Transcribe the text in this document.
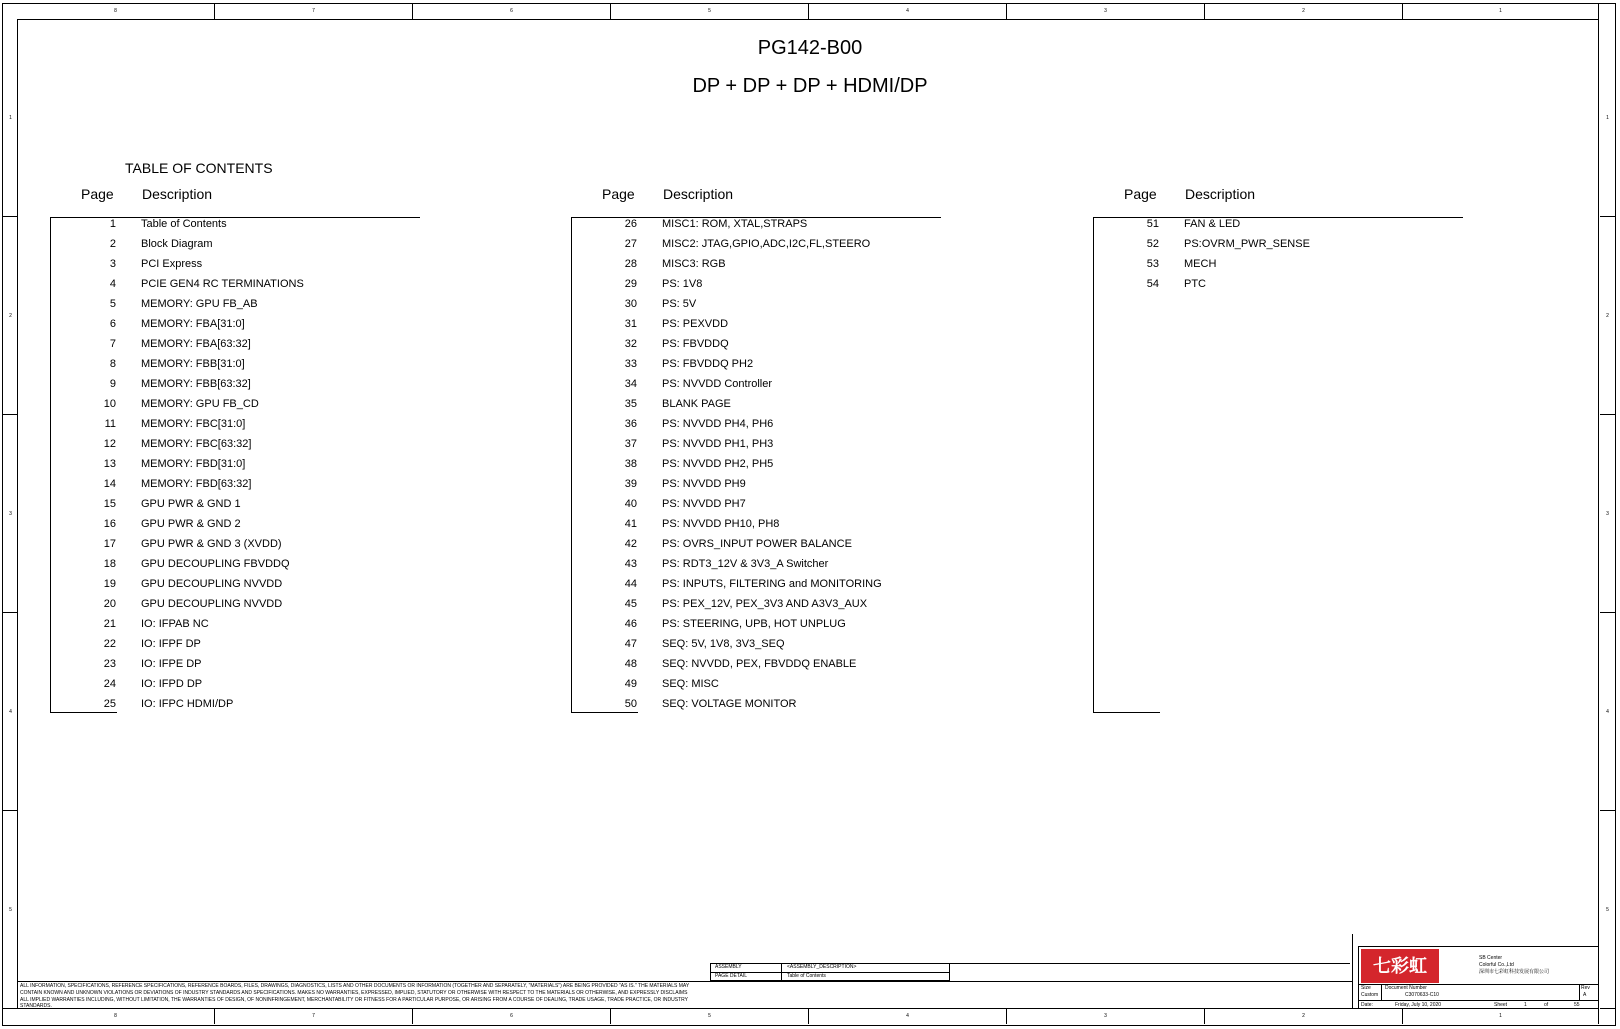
8	7	6	5	4	3	2	1
8	7	6	5	4	3	2	1
1
2
3
4
5
1
2
3
4
5
PG142-B00
DP + DP + DP + HDMI/DP
TABLE OF CONTENTS
Page Description
1 Table of Contents
2 Block Diagram
3 PCI Express
4 PCIE GEN4 RC TERMINATIONS
5 MEMORY: GPU FB_AB
6 MEMORY: FBA[31:0]
7 MEMORY: FBA[63:32]
8 MEMORY: FBB[31:0]
9 MEMORY: FBB[63:32]
10 MEMORY: GPU FB_CD
11 MEMORY: FBC[31:0]
12 MEMORY: FBC[63:32]
13 MEMORY: FBD[31:0]
14 MEMORY: FBD[63:32]
15 GPU PWR & GND 1
16 GPU PWR & GND 2
17 GPU PWR & GND 3 (XVDD)
18 GPU DECOUPLING FBVDDQ
19 GPU DECOUPLING NVVDD
20 GPU DECOUPLING NVVDD
21 IO: IFPAB NC
22 IO: IFPF DP
23 IO: IFPE DP
24 IO: IFPD DP
25 IO: IFPC HDMI/DP
Page Description
26 MISC1: ROM, XTAL,STRAPS
27 MISC2: JTAG,GPIO,ADC,I2C,FL,STEERO
28 MISC3: RGB
29 PS: 1V8
30 PS: 5V
31 PS: PEXVDD
32 PS: FBVDDQ
33 PS: FBVDDQ PH2
34 PS: NVVDD Controller
35 BLANK PAGE
36 PS: NVVDD PH4, PH6
37 PS: NVVDD PH1, PH3
38 PS: NVVDD PH2, PH5
39 PS: NVVDD PH9
40 PS: NVVDD PH7
41 PS: NVVDD PH10, PH8
42 PS: OVRS_INPUT POWER BALANCE
43 PS: RDT3_12V & 3V3_A Switcher
44 PS: INPUTS, FILTERING and MONITORING
45 PS: PEX_12V, PEX_3V3 AND A3V3_AUX
46 PS: STEERING, UPB, HOT UNPLUG
47 SEQ: 5V, 1V8, 3V3_SEQ
48 SEQ: NVVDD, PEX, FBVDDQ ENABLE
49 SEQ: MISC
50 SEQ: VOLTAGE MONITOR
Page Description
51 FAN & LED
52 PS:OVRM_PWR_SENSE
53 MECH
54 PTC
ASSEMBLY	<ASSEMBLY_DESCRIPTION>
PAGE DETAIL	Table of Contents
ALL INFORMATION, SPECIFICATIONS, REFERENCE SPECIFICATIONS, REFERENCE BOARDS, FILES, DRAWINGS, DIAGNOSTICS, LISTS AND OTHER DOCUMENTS OR INFORMATION (TOGETHER AND SEPARATELY, "MATERIALS") ARE BEING PROVIDED "AS IS." THE MATERIALS MAY
CONTAIN KNOWN AND UNKNOWN VIOLATIONS OR DEVIATIONS OF INDUSTRY STANDARDS AND SPECIFICATIONS. MAKES NO WARRANTIES, EXPRESSED, IMPLIED, STATUTORY OR OTHERWISE WITH RESPECT TO THE MATERIALS OR OTHERWISE, AND EXPRESSLY DISCLAIMS
ALL IMPLIED WARRANTIES INCLUDING, WITHOUT LIMITATION, THE WARRANTIES OF DESIGN, OF NONINFRINGEMENT, MERCHANTABILITY OR FITNESS FOR A PARTICULAR PURPOSE, OR ARISING FROM A COURSE OF DEALING, TRADE USAGE, TRADE PRACTICE, OR INDUSTRY
STANDARDS.
七彩虹	SB Center
Colorful Co.,Ltd
深圳市七彩虹科技发展有限公司
Size
Custom
Document Number
C3070633-C10
Rev
A
Date:	Friday, July 10, 2020	Sheet	1	of	55
